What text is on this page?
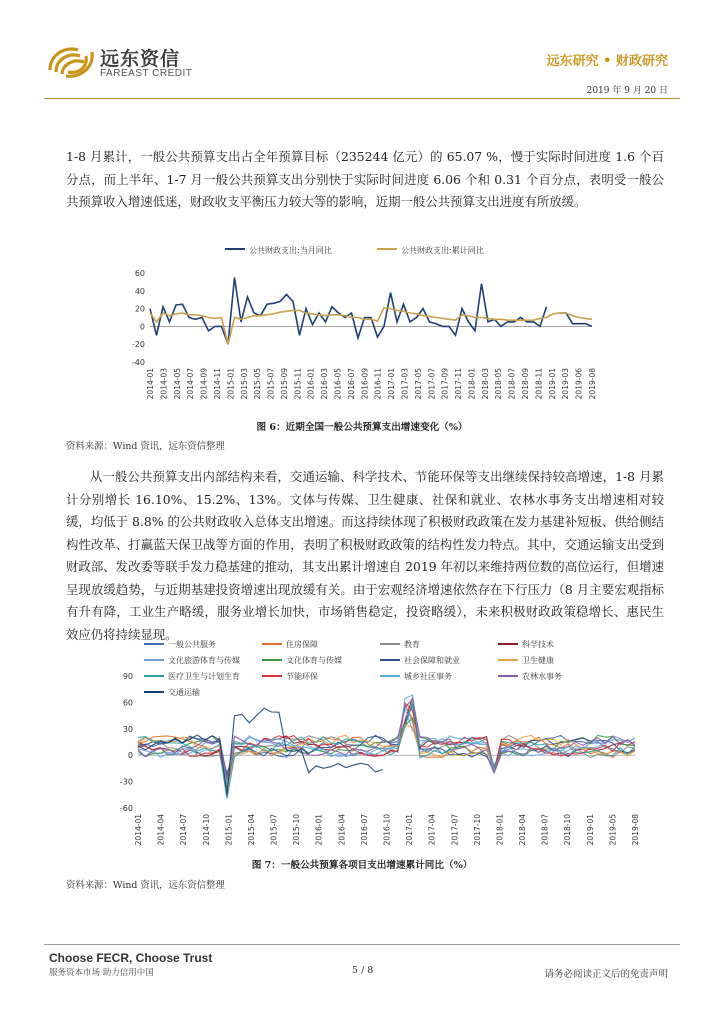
远东资信
FAREAST CREDIT
远东研究 • 财政研究
2019 年 9 月 20 日

1-8 月累计，一般公共预算支出占全年预算目标（235244 亿元）的 65.07 %，慢于实际时间进度 1.6 个百分点，而上半年、1-7 月一般公共预算支出分别快于实际时间进度 6.06 个和 0.31 个百分点，表明受一般公共预算收入增速低迷，财政收支平衡压力较大等的影响，近期一般公共预算支出进度有所放缓。

公共财政支出:当月同比	公共财政支出:累计同比
-40
-20
0
20
40
60
2014-01 2014-03 2014-05 2014-07 2014-09 2014-11 2015-01 2015-03 2015-05 2015-07 2015-09 2015-11 2016-01 2016-03 2016-05 2016-07 2016-09 2016-11 2017-01 2017-03 2017-05 2017-07 2017-09 2017-11 2018-01 2018-03 2018-05 2018-07 2018-09 2018-11 2019-01 2019-03 2019-06 2019-08
图 6：近期全国一般公共预算支出增速变化（%）
资料来源：Wind 资讯，远东资信整理

从一般公共预算支出内部结构来看，交通运输、科学技术、节能环保等支出继续保持较高增速，1-8 月累计分别增长 16.10%、15.2%、13%。文体与传媒、卫生健康、社保和就业、农林水事务支出增速相对较缓，均低于 8.8% 的公共财政收入总体支出增速。而这持续体现了积极财政政策在发力基建补短板、供给侧结构性改革、打赢蓝天保卫战等方面的作用，表明了积极财政政策的结构性发力特点。其中，交通运输支出受到财政部、发改委等联手发力稳基建的推动，其支出累计增速自 2019 年初以来维持两位数的高位运行，但增速呈现放缓趋势，与近期基建投资增速出现放缓有关。由于宏观经济增速依然存在下行压力（8 月主要宏观指标有升有降，工业生产略缓，服务业增长加快，市场销售稳定，投资略缓），未来积极财政政策稳增长、惠民生效应仍将持续显现。

一般公共服务	住房保障	教育	科学技术
文化旅游体育与传媒	文化体育与传媒	社会保障和就业	卫生健康
医疗卫生与计划生育	节能环保	城乡社区事务	农林水事务
交通运输
-60
-30
0
30
60
90
2014-01 2014-04 2014-07 2014-10 2015-01 2015-04 2015-07 2015-10 2016-01 2016-04 2016-07 2016-10 2017-01 2017-04 2017-07 2017-10 2018-01 2018-04 2018-07 2018-10 2019-01 2019-05 2019-08
图 7：一般公共预算各项目支出增速累计同比（%）
资料来源：Wind 资讯，远东资信整理
Choose FECR, Choose Trust
服务资本市场 助力信用中国	5 / 8	请务必阅读正文后的免责声明
